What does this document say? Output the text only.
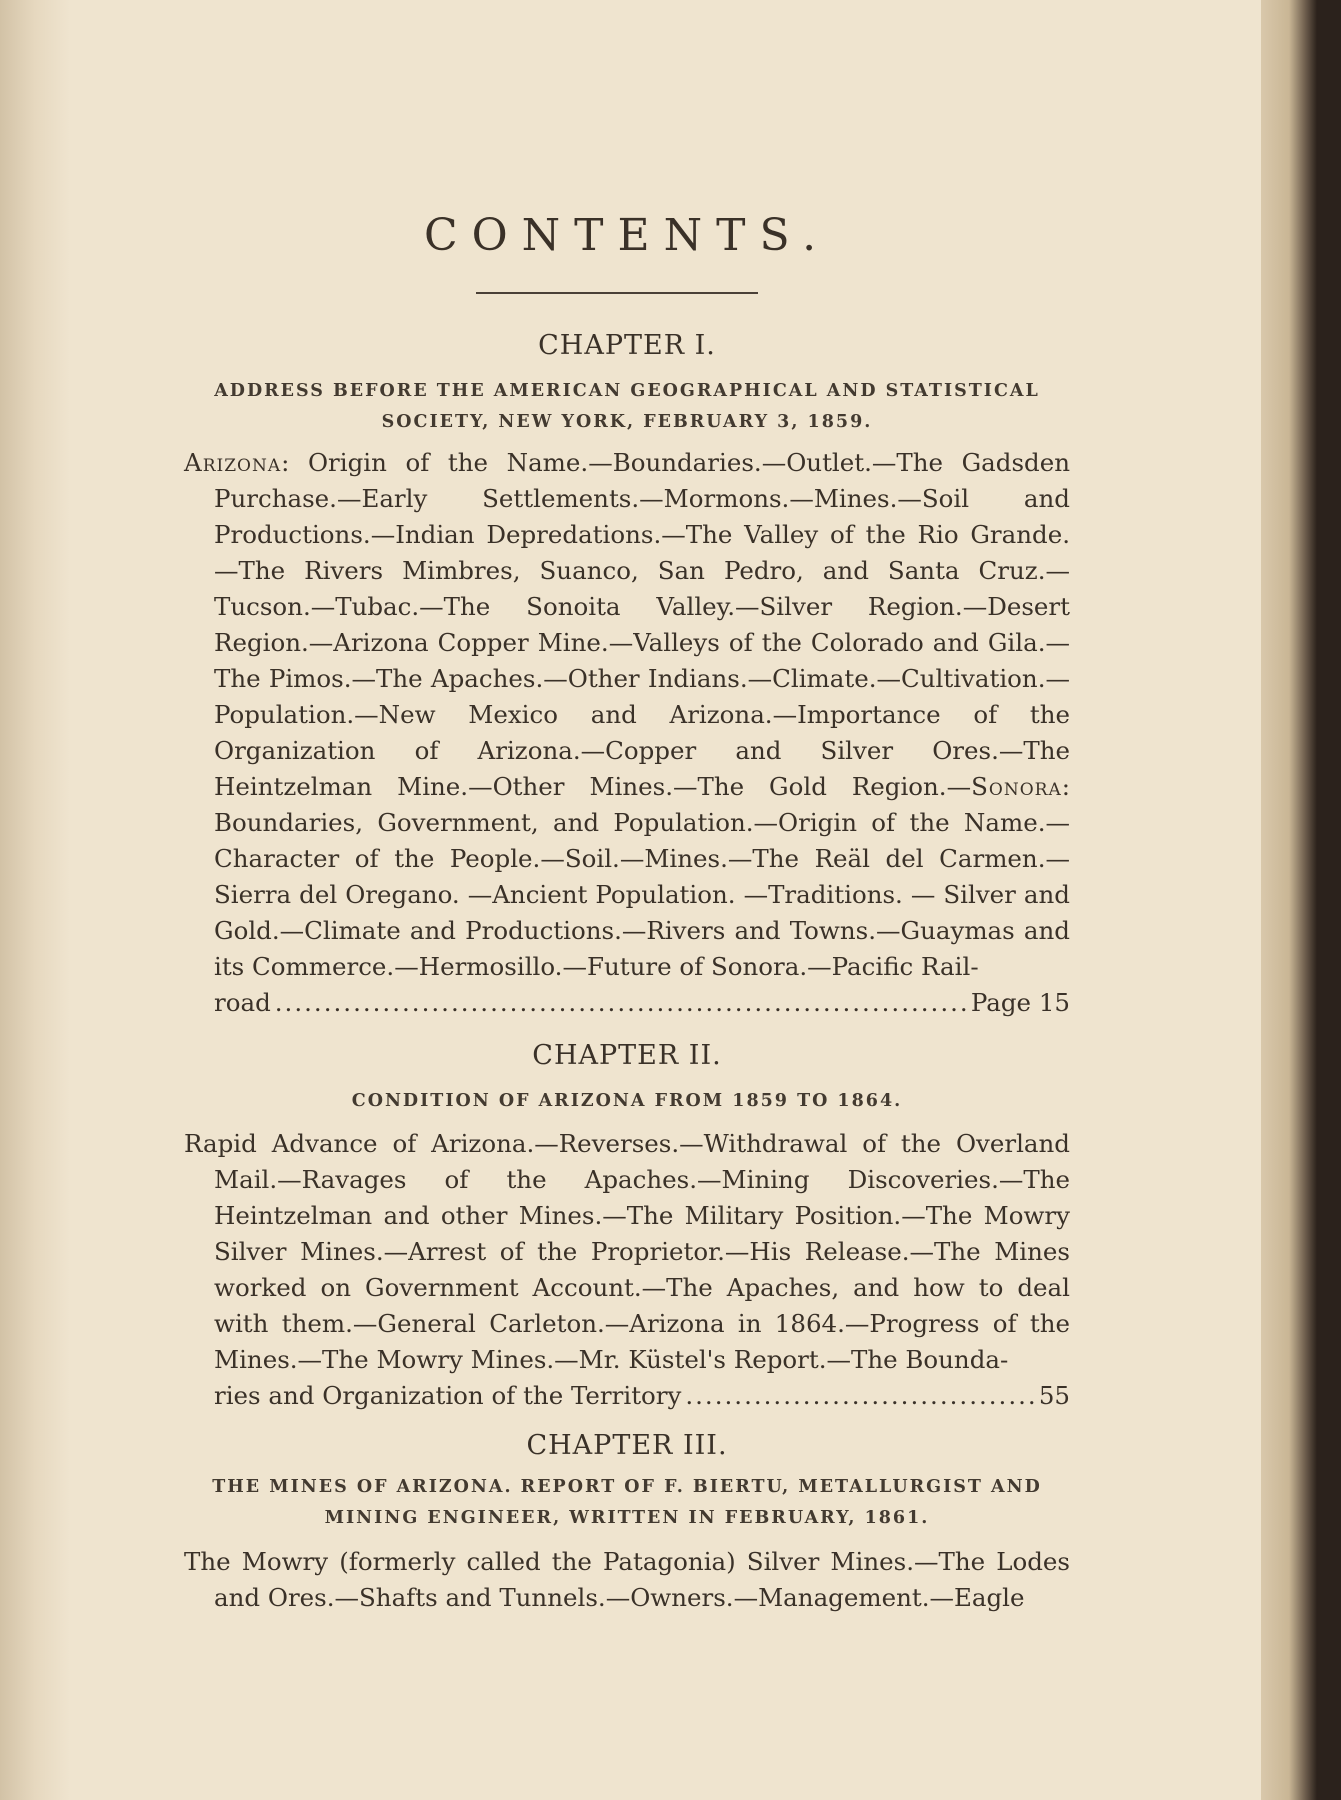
CONTENTS.
CHAPTER I.
ADDRESS BEFORE THE AMERICAN GEOGRAPHICAL AND STATISTICAL SOCIETY, NEW YORK, FEBRUARY 3, 1859.
Arizona: Origin of the Name.—Boundaries.—Outlet.—The Gadsden Purchase.—Early Settlements.—Mormons.—Mines.—Soil and Productions.—Indian Depredations.—The Valley of the Rio Grande. —The Rivers Mimbres, Suanco, San Pedro, and Santa Cruz.—Tucson.—Tubac.—The Sonoita Valley.—Silver Region.—Desert Region.—Arizona Copper Mine.—Valleys of the Colorado and Gila.—The Pimos.—The Apaches.—Other Indians.—Climate.—Cultivation.—Population.—New Mexico and Arizona.—Importance of the Organization of Arizona.—Copper and Silver Ores.—The Heintzelman Mine.—Other Mines.—The Gold Region.—Sonora: Boundaries, Government, and Population.—Origin of the Name.—Character of the People.—Soil.—Mines.—The Reäl del Carmen.—Sierra del Oregano. —Ancient Population. —Traditions. — Silver and Gold.—Climate and Productions.—Rivers and Towns.—Guaymas and its Commerce.—Hermosillo.—Future of Sonora.—Pacific Rail-
road .....	Page 15
CHAPTER II.
CONDITION OF ARIZONA FROM 1859 TO 1864.
Rapid Advance of Arizona.—Reverses.—Withdrawal of the Overland Mail.—Ravages of the Apaches.—Mining Discoveries.—The Heintzelman and other Mines.—The Military Position.—The Mowry Silver Mines.—Arrest of the Proprietor.—His Release.—The Mines worked on Government Account.—The Apaches, and how to deal with them.—General Carleton.—Arizona in 1864.—Progress of the Mines.—The Mowry Mines.—Mr. Küstel's Report.—The Bounda-
ries and Organization of the Territory .....	55
CHAPTER III.
THE MINES OF ARIZONA. REPORT OF F. BIERTU, METALLURGIST AND MINING ENGINEER, WRITTEN IN FEBRUARY, 1861.
The Mowry (formerly called the Patagonia) Silver Mines.—The Lodes and Ores.—Shafts and Tunnels.—Owners.—Management.—Eagle
